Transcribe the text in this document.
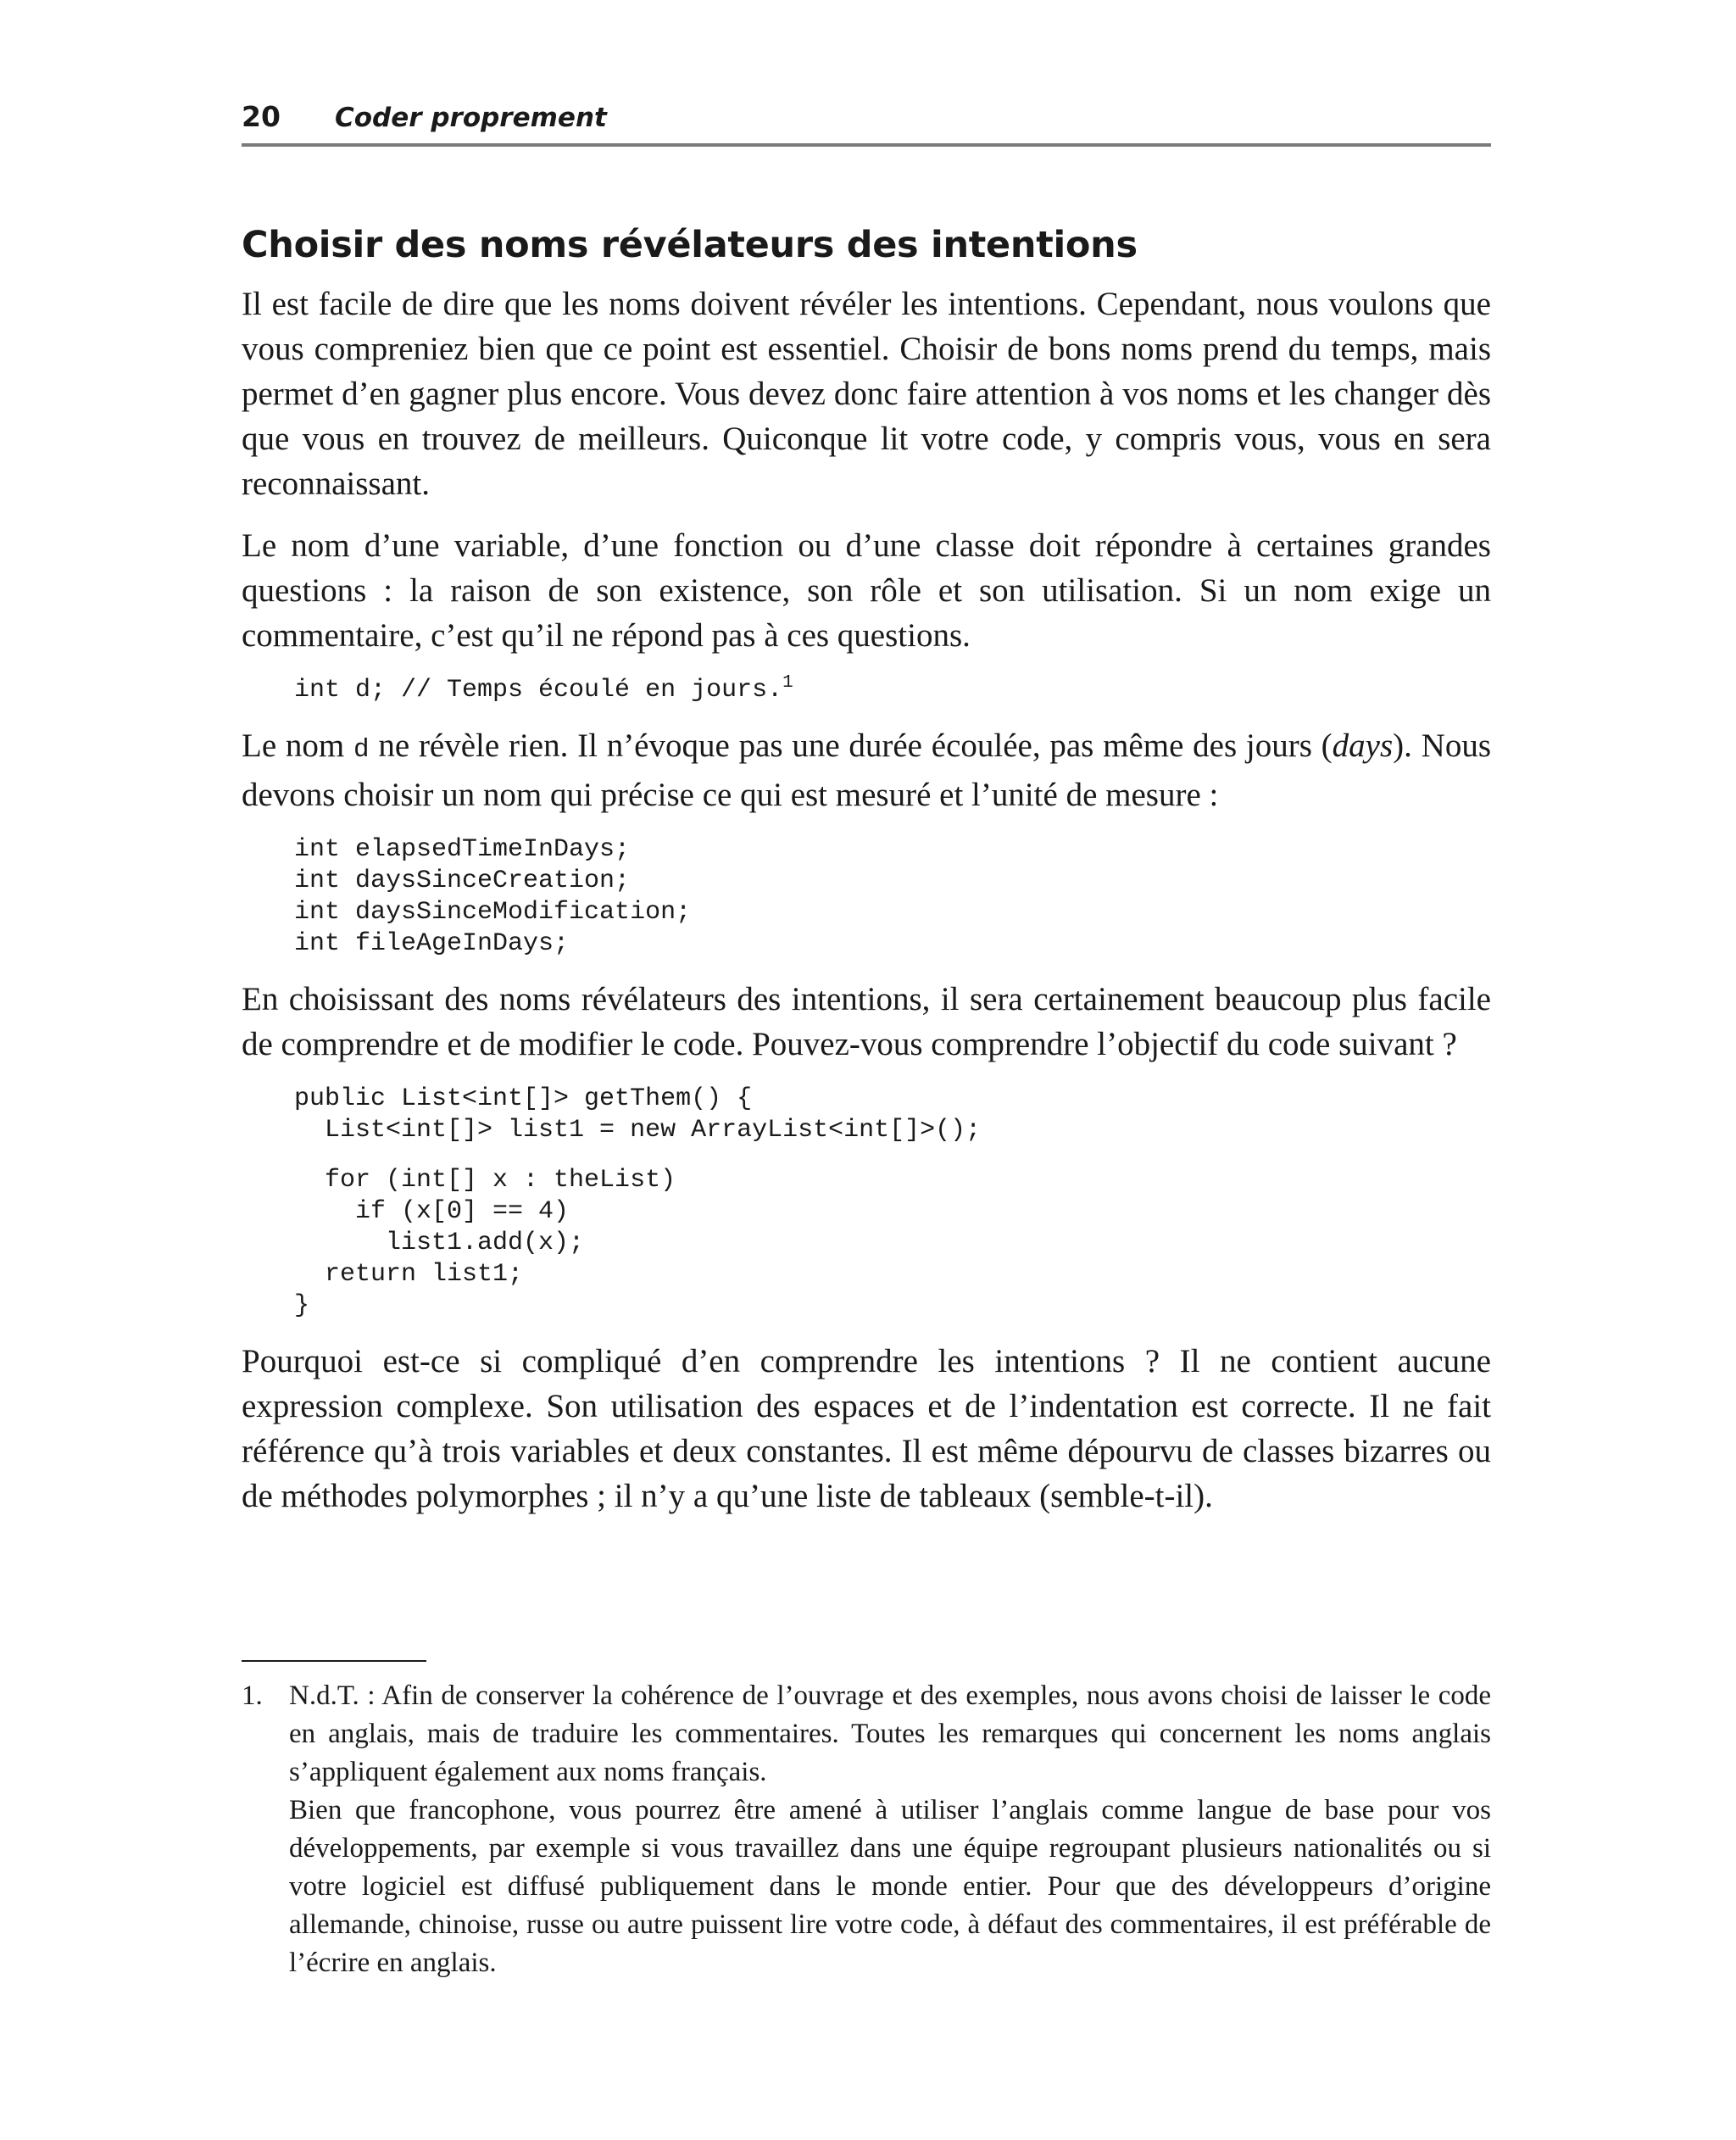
20	Coder proprement
Choisir des noms révélateurs des intentions

Il est facile de dire que les noms doivent révéler les intentions. Cependant, nous voulons que vous compreniez bien que ce point est essentiel. Choisir de bons noms prend du temps, mais permet d’en gagner plus encore. Vous devez donc faire attention à vos noms et les changer dès que vous en trouvez de meilleurs. Quiconque lit votre code, y compris vous, vous en sera reconnaissant.

Le nom d’une variable, d’une fonction ou d’une classe doit répondre à certaines grandes questions : la raison de son existence, son rôle et son utilisation. Si un nom exige un commentaire, c’est qu’il ne répond pas à ces questions.

int d; // Temps écoulé en jours.$^1$

Le nom d ne révèle rien. Il n’évoque pas une durée écoulée, pas même des jours (days). Nous devons choisir un nom qui précise ce qui est mesuré et l’unité de mesure :

int elapsedTimeInDays;
int daysSinceCreation;
int daysSinceModification;
int fileAgeInDays;

En choisissant des noms révélateurs des intentions, il sera certainement beaucoup plus facile de comprendre et de modifier le code. Pouvez-vous comprendre l’objectif du code suivant ?

public List<int[]> getThem() {
List<int[]> list1 = new ArrayList<int[]>();
for (int[] x : theList)
if (x[0] == 4)
list1.add(x);
return list1;
}

Pourquoi est-ce si compliqué d’en comprendre les intentions ? Il ne contient aucune expression complexe. Son utilisation des espaces et de l’indentation est correcte. Il ne fait référence qu’à trois variables et deux constantes. Il est même dépourvu de classes bizarres ou de méthodes polymorphes ; il n’y a qu’une liste de tableaux (semble-t-il).

1. N.d.T. : Afin de conserver la cohérence de l’ouvrage et des exemples, nous avons choisi de laisser le code en anglais, mais de traduire les commentaires. Toutes les remarques qui concernent les noms anglais s’appliquent également aux noms français.

Bien que francophone, vous pourrez être amené à utiliser l’anglais comme langue de base pour vos développements, par exemple si vous travaillez dans une équipe regroupant plusieurs nationalités ou si votre logiciel est diffusé publiquement dans le monde entier. Pour que des développeurs d’origine allemande, chinoise, russe ou autre puissent lire votre code, à défaut des commentaires, il est préférable de l’écrire en anglais.
